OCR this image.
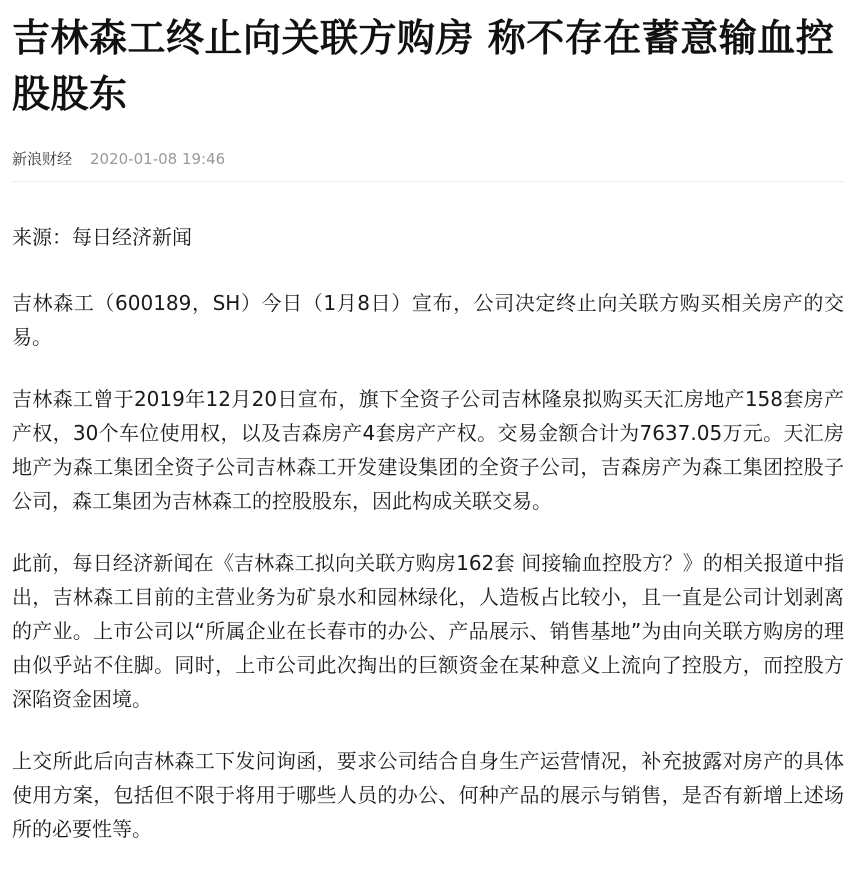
吉林森工终止向关联方购房 称不存在蓄意输血控股股东
新浪财经 2020-01-08 19:46

来源：每日经济新闻

吉林森工（600189，SH）今日（1月8日）宣布，公司决定终止向关联方购买相关房产的交易。

吉林森工曾于2019年12月20日宣布，旗下全资子公司吉林隆泉拟购买天汇房地产158套房产产权，30个车位使用权，以及吉森房产4套房产产权。交易金额合计为7637.05万元。天汇房地产为森工集团全资子公司吉林森工开发建设集团的全资子公司，吉森房产为森工集团控股子公司，森工集团为吉林森工的控股股东，因此构成关联交易。

此前，每日经济新闻在《吉林森工拟向关联方购房162套 间接输血控股方？》的相关报道中指出，吉林森工目前的主营业务为矿泉水和园林绿化，人造板占比较小，且一直是公司计划剥离的产业。上市公司以“所属企业在长春市的办公、产品展示、销售基地”为由向关联方购房的理由似乎站不住脚。同时，上市公司此次掏出的巨额资金在某种意义上流向了控股方，而控股方深陷资金困境。

上交所此后向吉林森工下发问询函，要求公司结合自身生产运营情况，补充披露对房产的具体使用方案，包括但不限于将用于哪些人员的办公、何种产品的展示与销售，是否有新增上述场所的必要性等。
